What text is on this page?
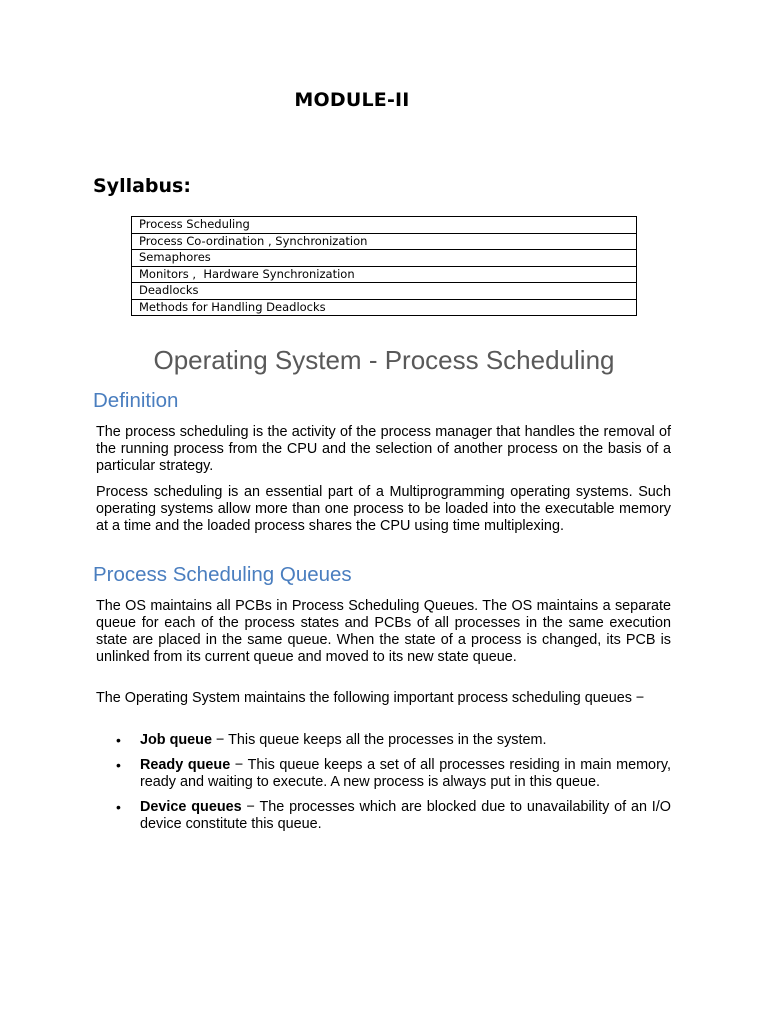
MODULE-II
Syllabus:
Process Scheduling
Process Co-ordination , Synchronization
Semaphores
Monitors ,  Hardware Synchronization
Deadlocks
Methods for Handling Deadlocks
Operating System - Process Scheduling
Definition

The process scheduling is the activity of the process manager that handles the removal of the running process from the CPU and the selection of another process on the basis of a particular strategy.

Process scheduling is an essential part of a Multiprogramming operating systems. Such operating systems allow more than one process to be loaded into the executable memory at a time and the loaded process shares the CPU using time multiplexing.

Process Scheduling Queues

The OS maintains all PCBs in Process Scheduling Queues. The OS maintains a separate queue for each of the process states and PCBs of all processes in the same execution state are placed in the same queue. When the state of a process is changed, its PCB is unlinked from its current queue and moved to its new state queue.

The Operating System maintains the following important process scheduling queues −

• Job queue − This queue keeps all the processes in the system.
• Ready queue − This queue keeps a set of all processes residing in main memory, ready and waiting to execute. A new process is always put in this queue.
• Device queues − The processes which are blocked due to unavailability of an I/O device constitute this queue.
